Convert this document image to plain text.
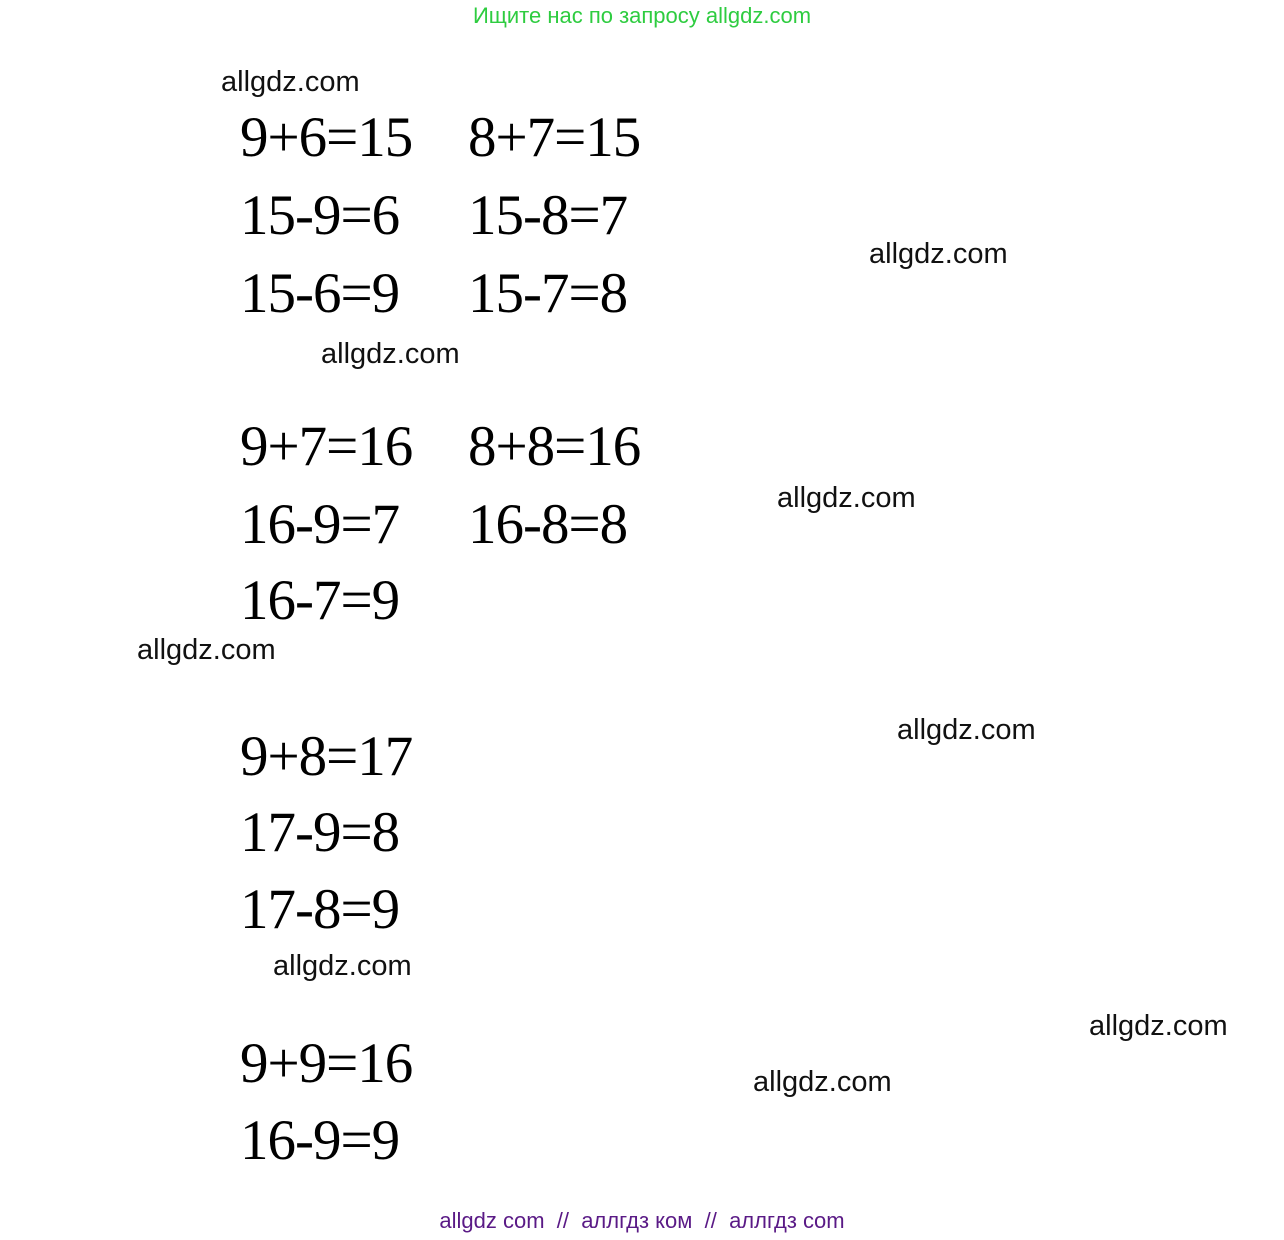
Ищите нас по запросу allgdz.com
allgdz.com
allgdz.com
allgdz.com
allgdz.com
allgdz.com
allgdz.com
allgdz.com
allgdz.com
allgdz.com
9+6=15
15-9=6
15-6=9
8+7=15
15-8=7
15-7=8
9+7=16
16-9=7
16-7=9
8+8=16
16-8=8
9+8=17
17-9=8
17-8=9
9+9=16
16-9=9
allgdz com  //  аллгдз ком  //  аллгдз com
